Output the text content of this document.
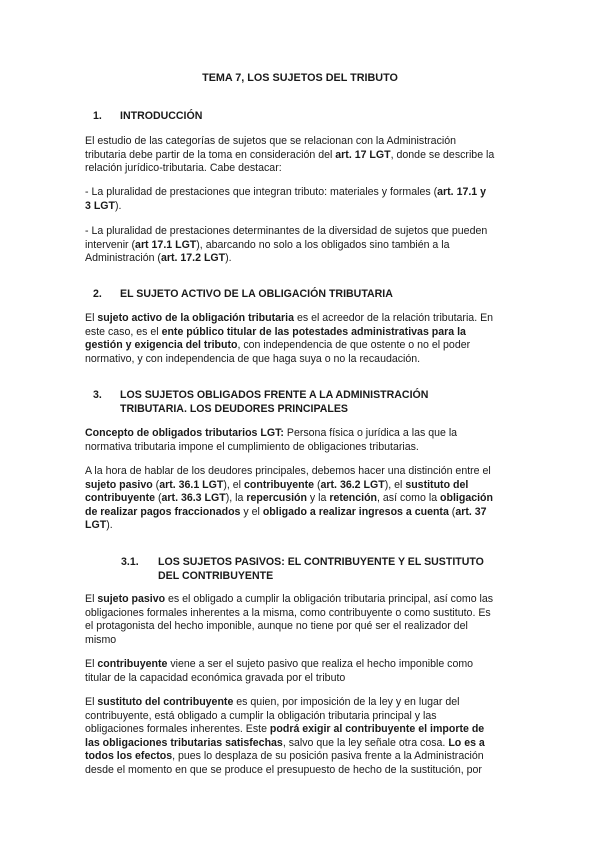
TEMA 7, LOS SUJETOS DEL TRIBUTO
1. INTRODUCCIÓN

El estudio de las categorías de sujetos que se relacionan con la Administración
tributaria debe partir de la toma en consideración del art. 17 LGT, donde se describe la
relación jurídico-tributaria. Cabe destacar:

- La pluralidad de prestaciones que integran tributo: materiales y formales (art. 17.1 y
3 LGT).

- La pluralidad de prestaciones determinantes de la diversidad de sujetos que pueden
intervenir (art 17.1 LGT), abarcando no solo a los obligados sino también a la
Administración (art. 17.2 LGT).

2. EL SUJETO ACTIVO DE LA OBLIGACIÓN TRIBUTARIA

El sujeto activo de la obligación tributaria es el acreedor de la relación tributaria. En
este caso, es el ente público titular de las potestades administrativas para la
gestión y exigencia del tributo, con independencia de que ostente o no el poder
normativo, y con independencia de que haga suya o no la recaudación.

3. LOS SUJETOS OBLIGADOS FRENTE A LA ADMINISTRACIÓN
TRIBUTARIA. LOS DEUDORES PRINCIPALES

Concepto de obligados tributarios LGT: Persona física o jurídica a las que la
normativa tributaria impone el cumplimiento de obligaciones tributarias.

A la hora de hablar de los deudores principales, debemos hacer una distinción entre el
sujeto pasivo (art. 36.1 LGT), el contribuyente (art. 36.2 LGT), el sustituto del
contribuyente (art. 36.3 LGT), la repercusión y la retención, así como la obligación
de realizar pagos fraccionados y el obligado a realizar ingresos a cuenta (art. 37
LGT).

3.1. LOS SUJETOS PASIVOS: EL CONTRIBUYENTE Y EL SUSTITUTO
DEL CONTRIBUYENTE

El sujeto pasivo es el obligado a cumplir la obligación tributaria principal, así como las
obligaciones formales inherentes a la misma, como contribuyente o como sustituto. Es
el protagonista del hecho imponible, aunque no tiene por qué ser el realizador del
mismo

El contribuyente viene a ser el sujeto pasivo que realiza el hecho imponible como
titular de la capacidad económica gravada por el tributo

El sustituto del contribuyente es quien, por imposición de la ley y en lugar del
contribuyente, está obligado a cumplir la obligación tributaria principal y las
obligaciones formales inherentes. Este podrá exigir al contribuyente el importe de
las obligaciones tributarias satisfechas, salvo que la ley señale otra cosa. Lo es a
todos los efectos, pues lo desplaza de su posición pasiva frente a la Administración
desde el momento en que se produce el presupuesto de hecho de la sustitución, por
